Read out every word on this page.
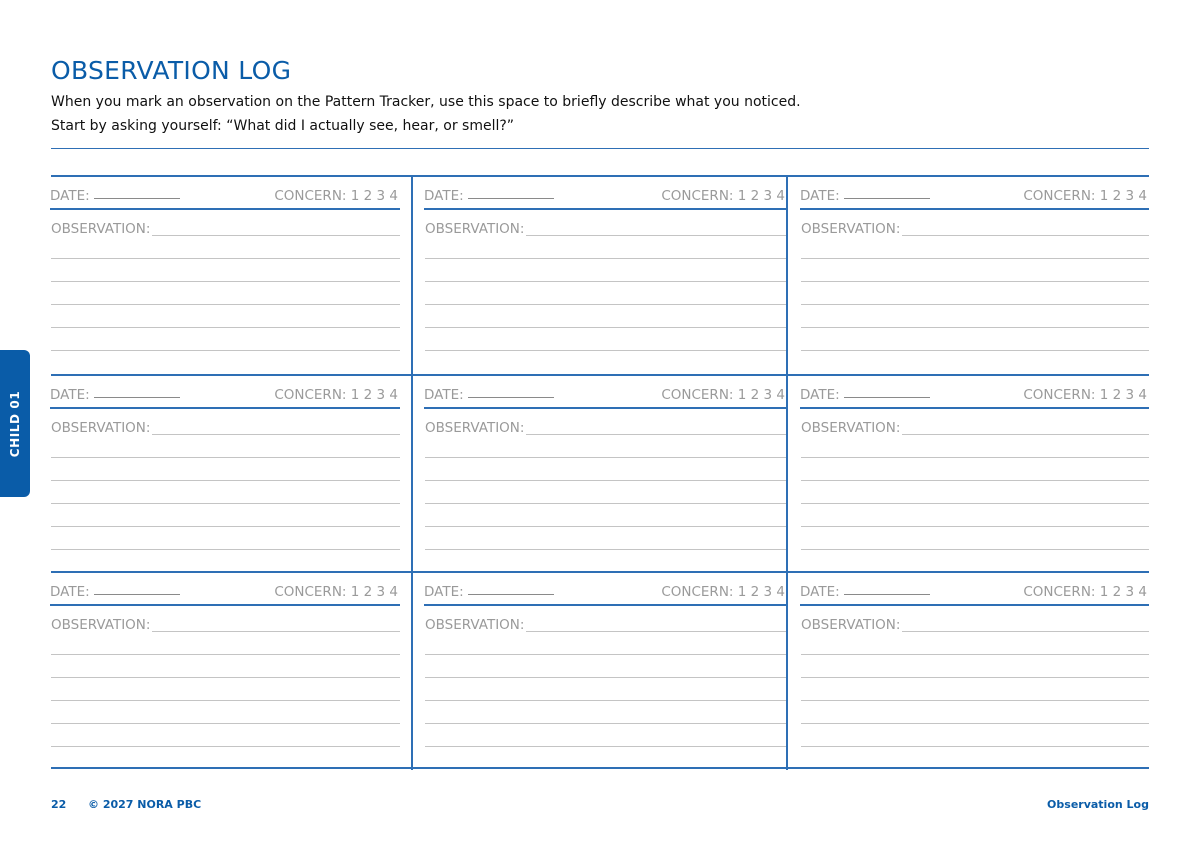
OBSERVATION LOG
When you mark an observation on the Pattern Tracker, use this space to briefly describe what you noticed.
Start by asking yourself: “What did I actually see, hear, or smell?”
DATE:	CONCERN: 1 2 3 4
OBSERVATION:
DATE:	CONCERN: 1 2 3 4
OBSERVATION:
DATE:	CONCERN: 1 2 3 4
OBSERVATION:
DATE:	CONCERN: 1 2 3 4
OBSERVATION:
DATE:	CONCERN: 1 2 3 4
OBSERVATION:
DATE:	CONCERN: 1 2 3 4
OBSERVATION:
DATE:	CONCERN: 1 2 3 4
OBSERVATION:
DATE:	CONCERN: 1 2 3 4
OBSERVATION:
DATE:	CONCERN: 1 2 3 4
OBSERVATION:
CHILD 01
22 © 2027 NORA PBC	Observation Log
